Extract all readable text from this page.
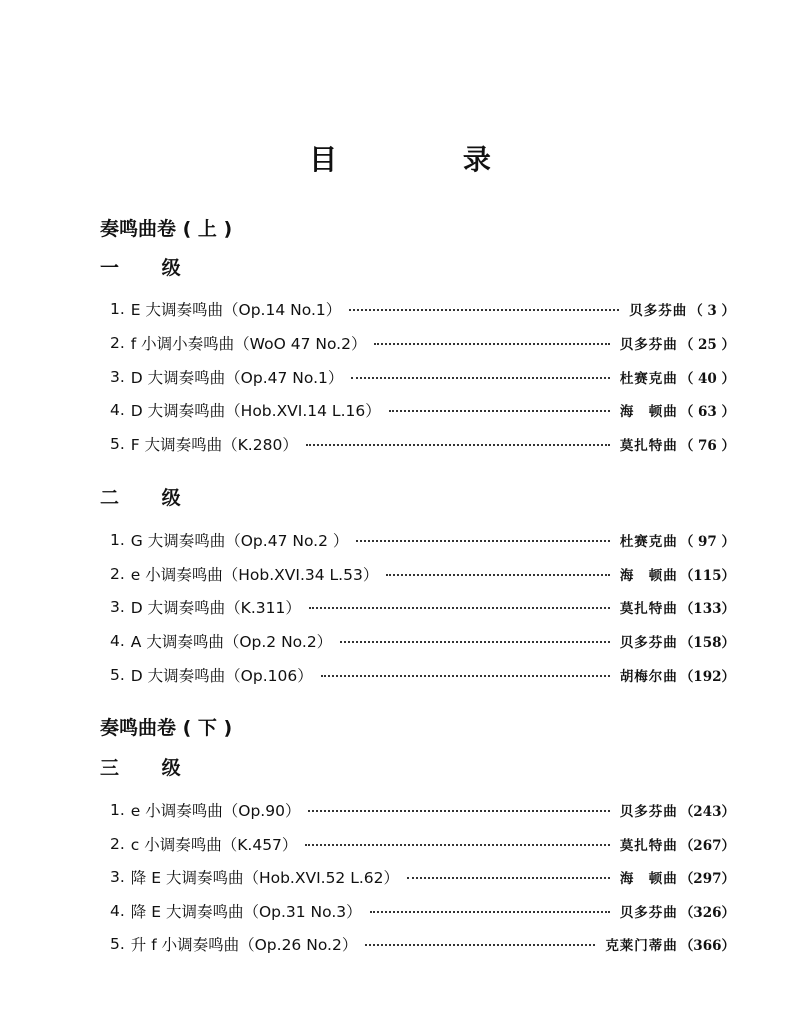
目 录
奏鸣曲卷 ( 上 )
一 级
1. E 大调奏鸣曲（Op.14 No.1）	贝多芬曲 （ 3 ）
2. f 小调小奏鸣曲（WoO 47 No.2）	贝多芬曲 （ 25 ）
3. D 大调奏鸣曲（Op.47 No.1）	杜赛克曲 （ 40 ）
4. D 大调奏鸣曲（Hob.XVI.14 L.16）	海　顿曲 （ 63 ）
5. F 大调奏鸣曲（K.280）	莫扎特曲 （ 76 ）
二 级
1. G 大调奏鸣曲（Op.47 No.2 ）	杜赛克曲 （ 97 ）
2. e 小调奏鸣曲（Hob.XVI.34 L.53）	海　顿曲 （115）
3. D 大调奏鸣曲（K.311）	莫扎特曲 （133）
4. A 大调奏鸣曲（Op.2 No.2）	贝多芬曲 （158）
5. D 大调奏鸣曲（Op.106）	胡梅尔曲 （192）
奏鸣曲卷 ( 下 )
三 级
1. e 小调奏鸣曲（Op.90）	贝多芬曲 （243）
2. c 小调奏鸣曲（K.457）	莫扎特曲 （267）
3. 降 E 大调奏鸣曲（Hob.XVI.52 L.62）	海　顿曲 （297）
4. 降 E 大调奏鸣曲（Op.31 No.3）	贝多芬曲 （326）
5. 升 f 小调奏鸣曲（Op.26 No.2）	克莱门蒂曲 （366）
